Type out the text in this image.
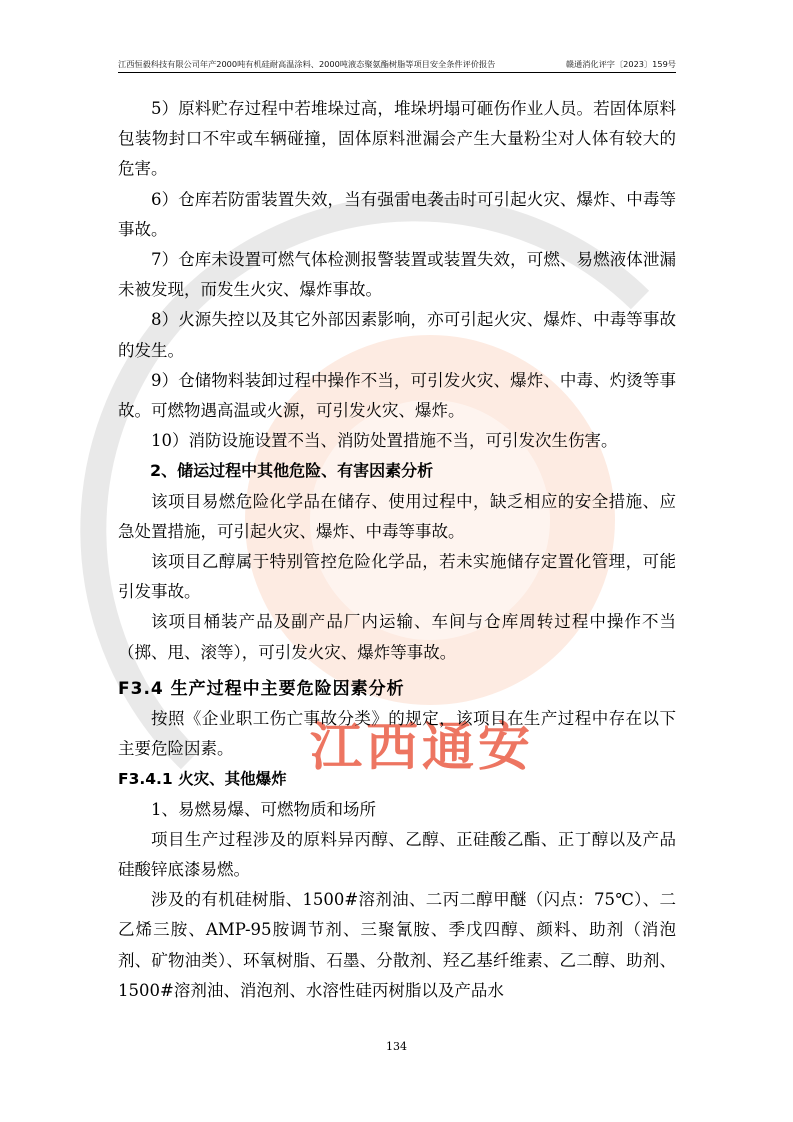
江西通安
江西恒毅科技有限公司年产2000吨有机硅耐高温涂料、2000吨液态聚氨酯树脂等项目安全条件评价报告	赣通消化评字〔2023〕159号

5）原料贮存过程中若堆垛过高，堆垛坍塌可砸伤作业人员。若固体原料包装物封口不牢或车辆碰撞，固体原料泄漏会产生大量粉尘对人体有较大的危害。

6）仓库若防雷装置失效，当有强雷电袭击时可引起火灾、爆炸、中毒等事故。

7）仓库未设置可燃气体检测报警装置或装置失效，可燃、易燃液体泄漏未被发现，而发生火灾、爆炸事故。

8）火源失控以及其它外部因素影响，亦可引起火灾、爆炸、中毒等事故的发生。

9）仓储物料装卸过程中操作不当，可引发火灾、爆炸、中毒、灼烫等事故。可燃物遇高温或火源，可引发火灾、爆炸。

10）消防设施设置不当、消防处置措施不当，可引发次生伤害。

2、储运过程中其他危险、有害因素分析

该项目易燃危险化学品在储存、使用过程中，缺乏相应的安全措施、应急处置措施，可引起火灾、爆炸、中毒等事故。

该项目乙醇属于特别管控危险化学品，若未实施储存定置化管理，可能引发事故。

该项目桶装产品及副产品厂内运输、车间与仓库周转过程中操作不当（掷、甩、滚等），可引发火灾、爆炸等事故。

F3.4 生产过程中主要危险因素分析

按照《企业职工伤亡事故分类》的规定，该项目在生产过程中存在以下主要危险因素。

F3.4.1 火灾、其他爆炸

1、易燃易爆、可燃物质和场所

项目生产过程涉及的原料异丙醇、乙醇、正硅酸乙酯、正丁醇以及产品硅酸锌底漆易燃。

涉及的有机硅树脂、1500#溶剂油、二丙二醇甲醚（闪点：75℃）、二乙烯三胺、AMP-95胺调节剂、三聚氰胺、季戊四醇、颜料、助剂（消泡剂、矿物油类）、环氧树脂、石墨、分散剂、羟乙基纤维素、乙二醇、助剂、1500#溶剂油、消泡剂、水溶性硅丙树脂以及产品水

134
